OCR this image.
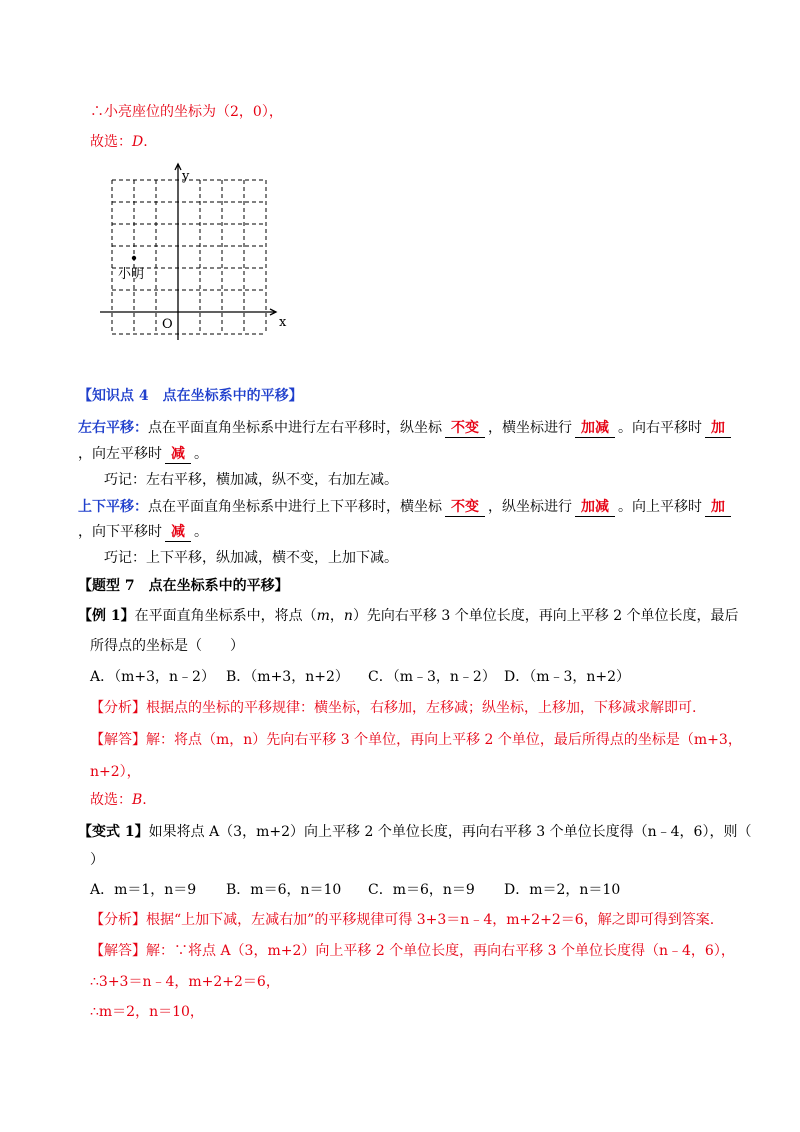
∴小亮座位的坐标为（2，0），
故选：D.
x
y
O
小明
【知识点 4　点在坐标系中的平移】
左右平移：点在平面直角坐标系中进行左右平移时，纵坐标 不变 ，横坐标进行 加减 。向右平移时 加
，向左平移时 减 。
巧记：左右平移，横加减，纵不变，右加左减。
上下平移：点在平面直角坐标系中进行上下平移时，横坐标 不变 ，纵坐标进行 加减 。向上平移时 加
，向下平移时 减 。
巧记：上下平移，纵加减，横不变，上加下减。
【题型 7　点在坐标系中的平移】
【例 1】在平面直角坐标系中，将点（m，n）先向右平移 3 个单位长度，再向上平移 2 个单位长度，最后
所得点的坐标是（　　）
A．（m+3，n﹣2） B．（m+3，n+2） C．（m﹣3，n﹣2） D．（m﹣3，n+2）
【分析】根据点的坐标的平移规律：横坐标，右移加，左移减；纵坐标，上移加，下移减求解即可.
【解答】解：将点（m，n）先向右平移 3 个单位，再向上平移 2 个单位，最后所得点的坐标是（m+3，
n+2），
故选：B.
【变式 1】如果将点 A（3，m+2）向上平移 2 个单位长度，再向右平移 3 个单位长度得（n﹣4，6），则（
）
A．m＝1，n＝9 B．m＝6，n＝10 C．m＝6，n＝9 D．m＝2，n＝10
【分析】根据“上加下减，左减右加”的平移规律可得 3+3＝n﹣4，m+2+2＝6，解之即可得到答案.
【解答】解：∵将点 A（3，m+2）向上平移 2 个单位长度，再向右平移 3 个单位长度得（n﹣4，6），
∴3+3＝n﹣4，m+2+2＝6，
∴m＝2，n＝10，
